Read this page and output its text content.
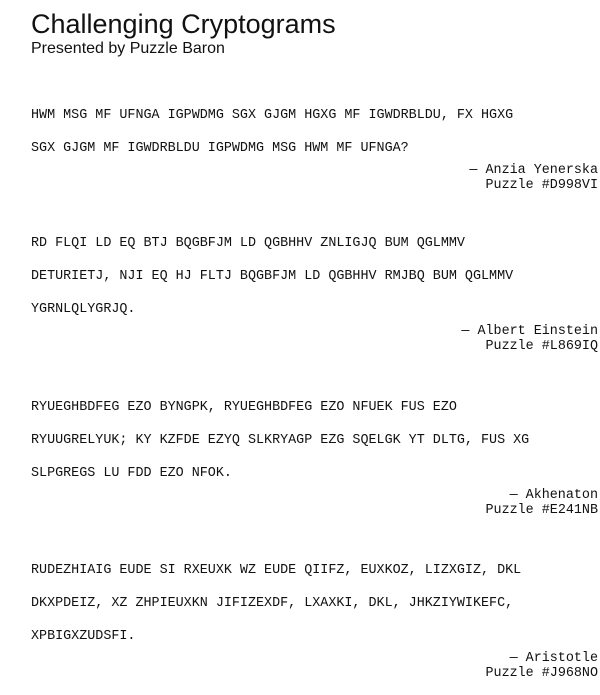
Challenging Cryptograms

Presented by Puzzle Baron

HWM MSG MF UFNGA IGPWDMG SGX GJGM HGXG MF IGWDRBLDU, FX HGXG

SGX GJGM MF IGWDRBLDU IGPWDMG MSG HWM MF UFNGA?

— Anzia Yenerska

Puzzle #D998VI

RD FLQI LD EQ BTJ BQGBFJM LD QGBHHV ZNLIGJQ BUM QGLMMV

DETURIETJ, NJI EQ HJ FLTJ BQGBFJM LD QGBHHV RMJBQ BUM QGLMMV

YGRNLQLYGRJQ.

— Albert Einstein

Puzzle #L869IQ

RYUEGHBDFEG EZO BYNGPK, RYUEGHBDFEG EZO NFUEK FUS EZO

RYUUGRELYUK; KY KZFDE EZYQ SLKRYAGP EZG SQELGK YT DLTG, FUS XG

SLPGREGS LU FDD EZO NFOK.

— Akhenaton

Puzzle #E241NB

RUDEZHIAIG EUDE SI RXEUXK WZ EUDE QIIFZ, EUXKOZ, LIZXGIZ, DKL

DKXPDEIZ, XZ ZHPIEUXKN JIFIZEXDF, LXAXKI, DKL, JHKZIYWIKEFC,

XPBIGXZUDSFI.

— Aristotle

Puzzle #J968NO
